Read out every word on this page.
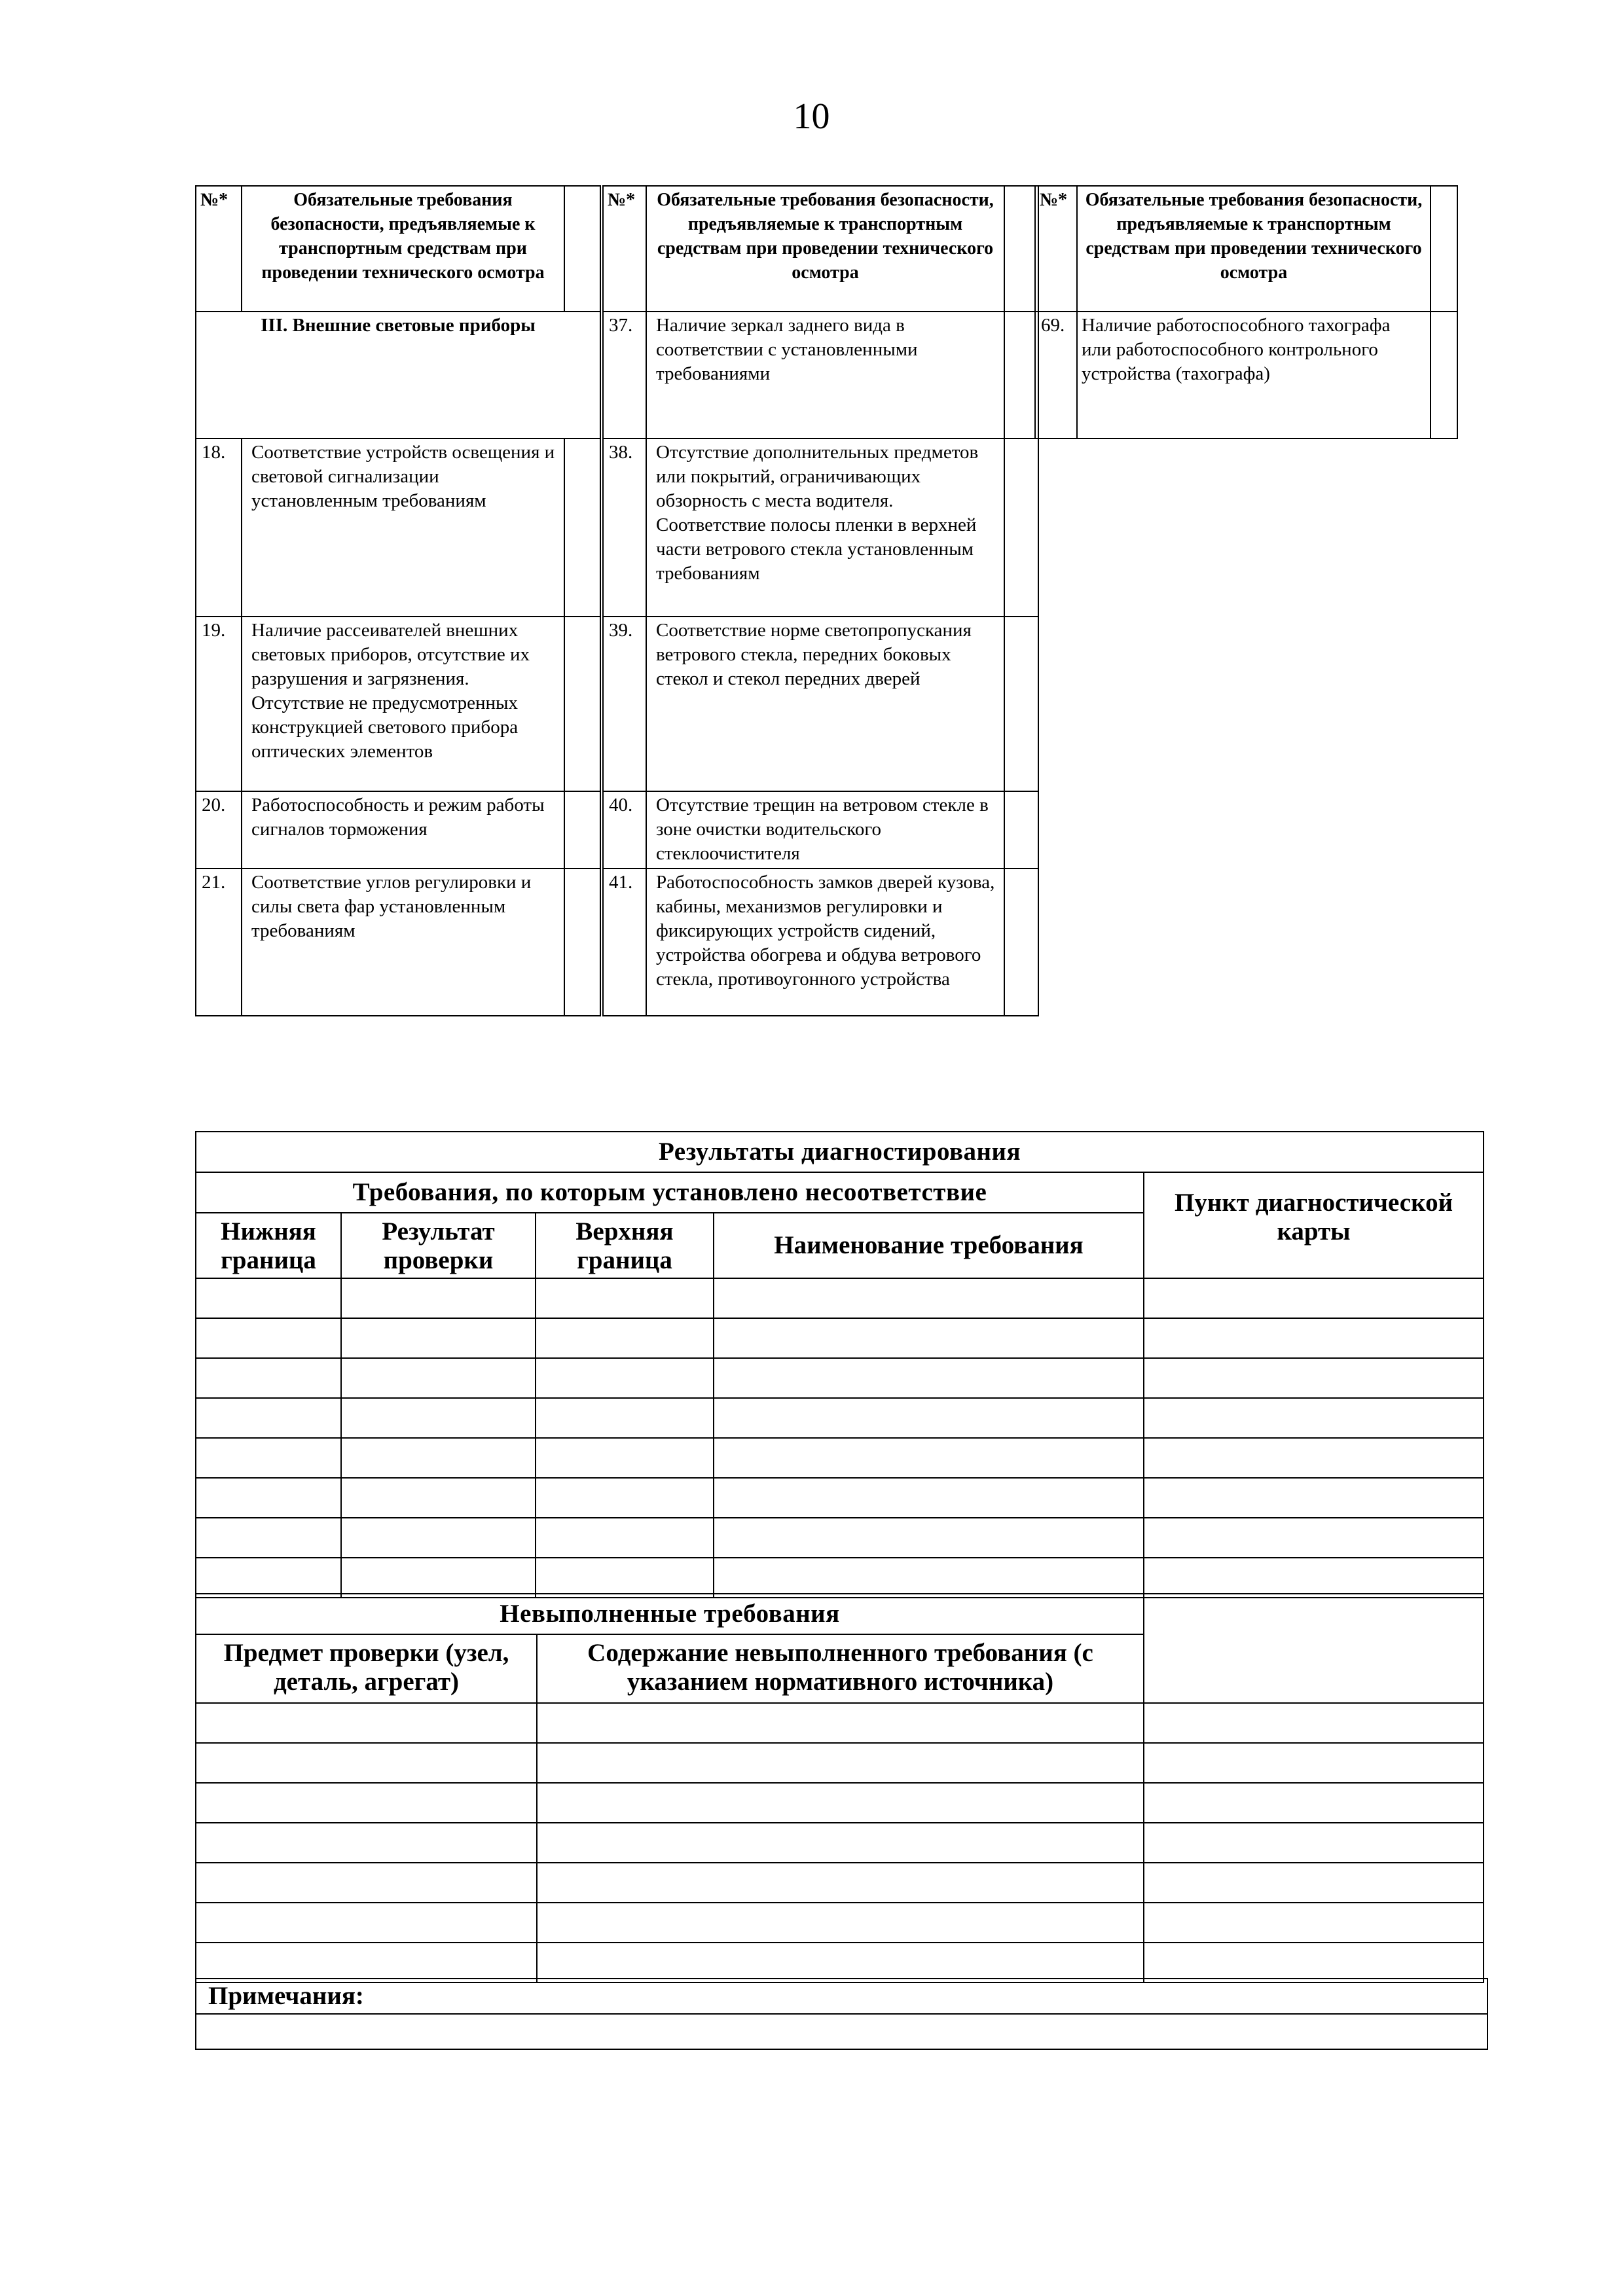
10
№*	Обязательные требования безопасности, предъявляемые к транспортным средствам при проведении технического осмотра	
III. Внешние световые приборы		
18.	Соответствие устройств освещения и световой сигнализации установленным требованиям	
19.	Наличие рассеивателей внешних световых приборов, отсутствие их разрушения и загрязнения. Отсутствие не предусмотренных конструкцией светового прибора оптических элементов	
20.	Работоспособность и режим работы сигналов торможения	
21.	Соответствие углов регулировки и силы света фар установленным требованиям	
№*	Обязательные требования безопасности, предъявляемые к транспортным средствам при проведении технического осмотра	
37.	Наличие зеркал заднего вида в соответствии с установленными требованиями	
38.	Отсутствие дополнительных предметов или покрытий, ограничивающих обзорность с места водителя. Соответствие полосы пленки в верхней части ветрового стекла установленным требованиям	
39.	Соответствие норме светопропускания ветрового стекла, передних боковых стекол и стекол передних дверей	
40.	Отсутствие трещин на ветровом стекле в зоне очистки водительского стеклоочистителя	
41.	Работоспособность замков дверей кузова, кабины, механизмов регулировки и фиксирующих устройств сидений, устройства обогрева и обдува ветрового стекла, противоугонного устройства	
№*	Обязательные требования безопасности, предъявляемые к транспортным средствам при проведении технического осмотра	
69.	Наличие работоспособного тахографа или работоспособного контрольного устройства (тахографа)	
Результаты диагностирования				
Требования, по которым установлено несоответствие				Пункт диагностической карты
Нижняя граница	Результат проверки	Верхняя граница	Наименование требования	

Невыполненные требования		
Предмет проверки (узел, деталь, агрегат)	Содержание невыполненного требования (с указанием нормативного источника)	

Примечания:
